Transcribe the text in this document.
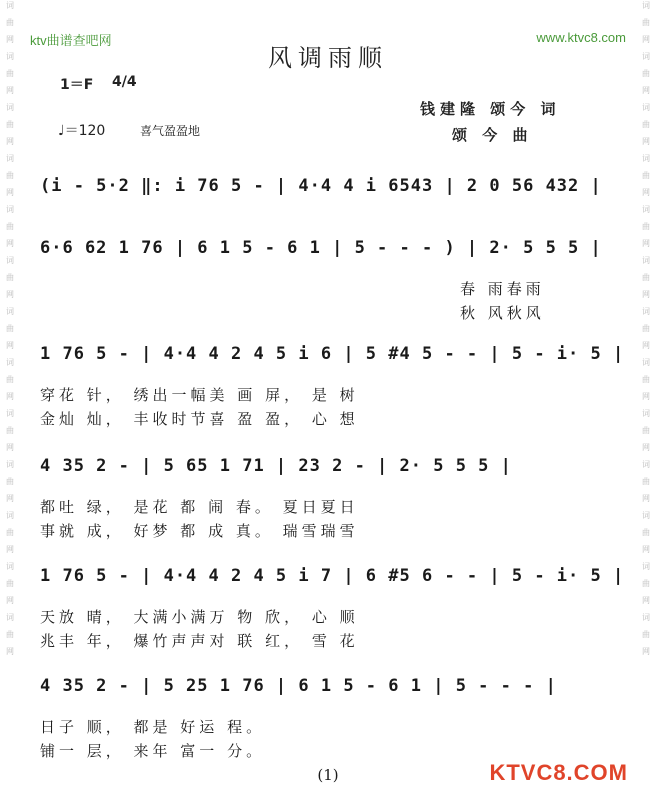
词
曲
网
词
曲
网
词
曲
网
词
曲
网
词
曲
网
词
曲
网
词
曲
网
词
曲
网
词
曲
网
词
曲
网
词
曲
网
词
曲
网
词
曲
网
词
曲
网
词
曲
网
词
曲
网
词
曲
网
词
曲
网
词
曲
网
词
曲
网
词
曲
网
词
曲
网
词
曲
网
词
曲
网
词
曲
网
词
曲
网
ktv曲谱查吧网	www.ktvc8.com
风调雨顺
1＝F 4/4
♩＝120	喜气盈盈地
钱建隆 颂今 词
颂 今 曲
(i - 5·2 ‖: i 76 5 - | 4·4 4 i 6543 | 2 0 56 432 |
6·6 62 1 76 | 6 1 5 - 6 1 | 5 - - - ) | 2· 5 5 5 |
春 雨春雨
秋 风秋风
1 76 5 - | 4·4 4 2 4 5 i 6 | 5 #4 5 - - | 5 - i· 5 |
穿花 针， 绣出一幅美 画 屏， 是 树
金灿 灿， 丰收时节喜 盈 盈， 心 想
4 35 2 - | 5 65 1 71 | 23 2 - | 2· 5 5 5 |
都吐 绿， 是花 都 闹 春。 夏日夏日
事就 成， 好梦 都 成 真。 瑞雪瑞雪
1 76 5 - | 4·4 4 2 4 5 i 7 | 6 #5 6 - - | 5 - i· 5 |
天放 晴， 大满小满万 物 欣， 心 顺
兆丰 年， 爆竹声声对 联 红， 雪 花
4 35 2 - | 5 25 1 76 | 6 1 5 - 6 1 | 5 - - - |
日子 顺， 都是 好运 程。
铺一 层， 来年 富一 分。
(1)	KTVC8.COM
